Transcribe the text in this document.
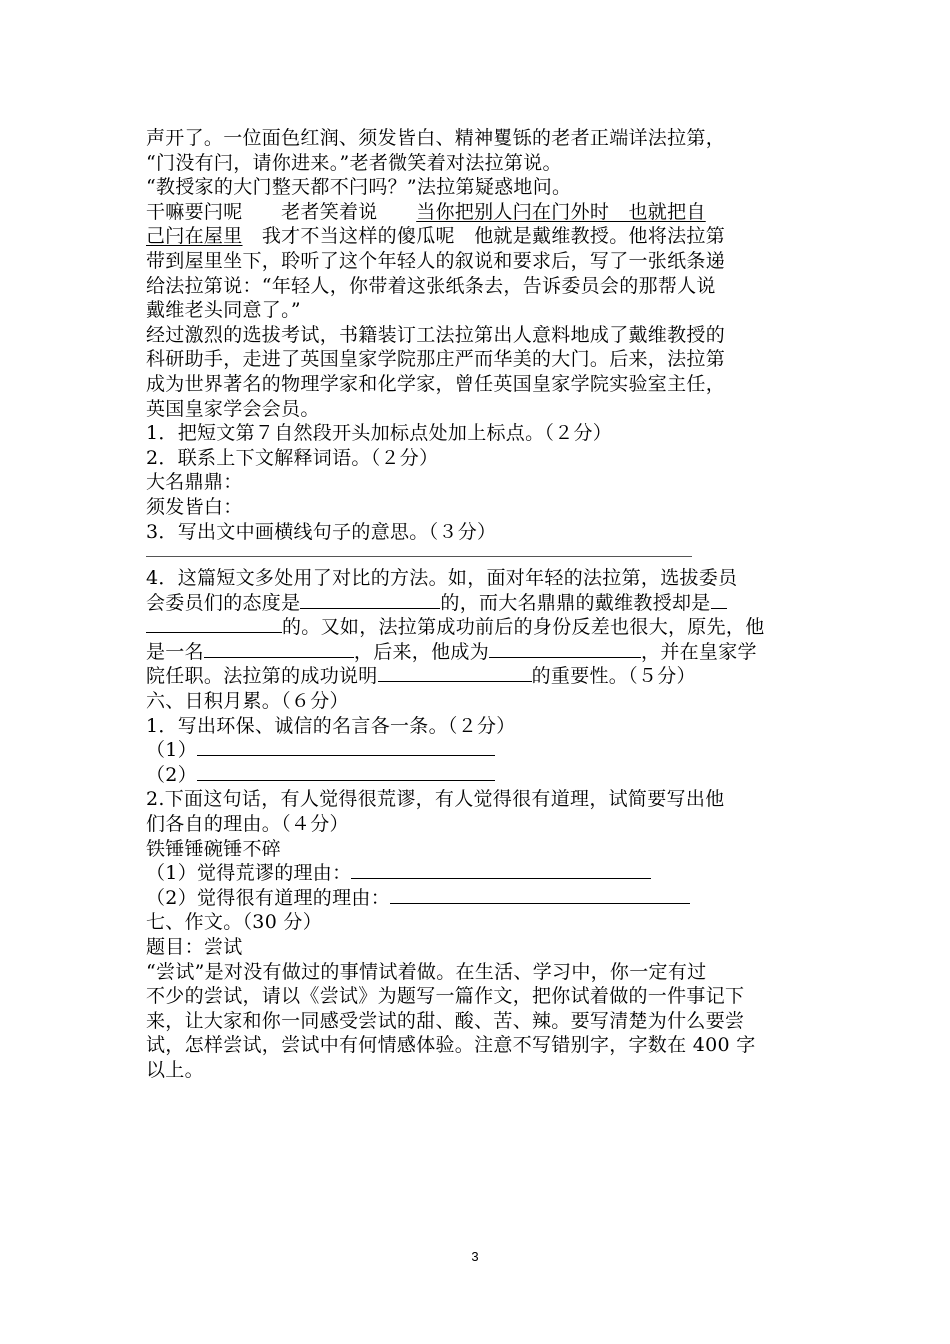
声开了。一位面色红润、须发皆白、精神矍铄的老者正端详法拉第，
“门没有闩，请你进来。”老者微笑着对法拉第说。
“教授家的大门整天都不闩吗？”法拉第疑惑地问。
干嘛要闩呢　　老者笑着说　　当你把别人闩在门外时　也就把自
己闩在屋里　我才不当这样的傻瓜呢　他就是戴维教授。他将法拉第
带到屋里坐下，聆听了这个年轻人的叙说和要求后，写了一张纸条递
给法拉第说：“年轻人，你带着这张纸条去，告诉委员会的那帮人说
戴维老头同意了。”
经过激烈的选拔考试，书籍装订工法拉第出人意料地成了戴维教授的
科研助手，走进了英国皇家学院那庄严而华美的大门。后来，法拉第
成为世界著名的物理学家和化学家，曾任英国皇家学院实验室主任，
英国皇家学会会员。
1．把短文第７自然段开头加标点处加上标点。（２分）
2．联系上下文解释词语。（２分）
大名鼎鼎：
须发皆白：
3．写出文中画横线句子的意思。（３分）
4．这篇短文多处用了对比的方法。如，面对年轻的法拉第，选拔委员
会委员们的态度是	的，而大名鼎鼎的戴维教授却是
的。又如，法拉第成功前后的身份反差也很大，原先，他
是一名	，后来，他成为	，并在皇家学
院任职。法拉第的成功说明	的重要性。（５分）
六、日积月累。（６分）
1．写出环保、诚信的名言各一条。（２分）
（1）
（2）
2.下面这句话，有人觉得很荒谬，有人觉得很有道理，试简要写出他
们各自的理由。（４分）
铁锤锤碗锤不碎
（1）觉得荒谬的理由：
（2）觉得很有道理的理由：
七、作文。（30 分）
题目：尝试
“尝试”是对没有做过的事情试着做。在生活、学习中，你一定有过
不少的尝试，请以《尝试》为题写一篇作文，把你试着做的一件事记下
来，让大家和你一同感受尝试的甜、酸、苦、辣。要写清楚为什么要尝
试，怎样尝试，尝试中有何情感体验。注意不写错别字，字数在 400 字
以上。
3
